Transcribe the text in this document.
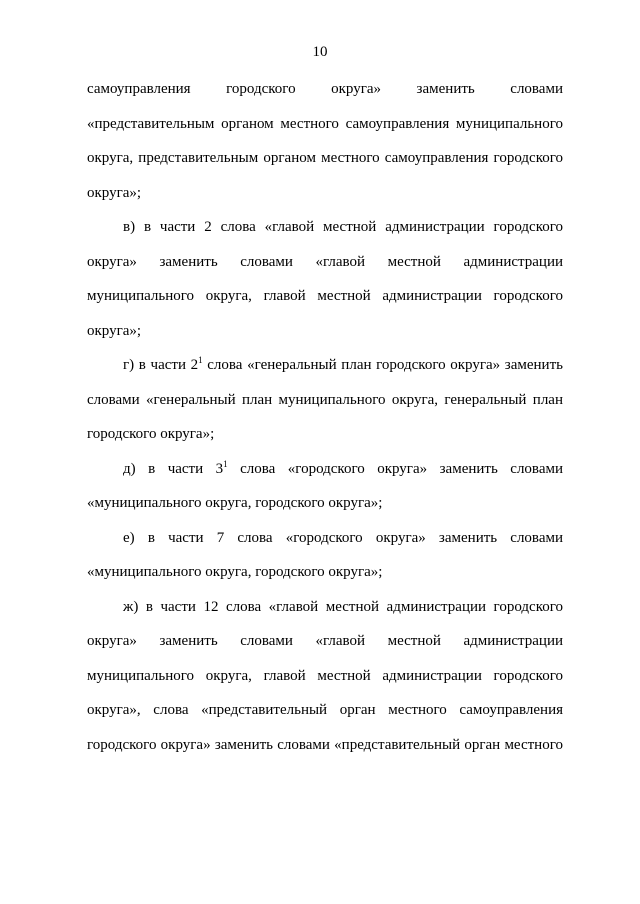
10
самоуправления городского округа» заменить словами
«представительным органом местного самоуправления муниципального
округа, представительным органом местного самоуправления городского
округа»;
в) в части 2 слова «главой местной администрации городского
округа» заменить словами «главой местной администрации
муниципального округа, главой местной администрации городского
округа»;
г) в части $2^1$ слова «генеральный план городского округа» заменить
словами «генеральный план муниципального округа, генеральный план
городского округа»;
д) в части $3^1$ слова «городского округа» заменить словами
«муниципального округа, городского округа»;
е) в части 7 слова «городского округа» заменить словами
«муниципального округа, городского округа»;
ж) в части 12 слова «главой местной администрации городского
округа» заменить словами «главой местной администрации
муниципального округа, главой местной администрации городского
округа», слова «представительный орган местного самоуправления
городского округа» заменить словами «представительный орган местного
